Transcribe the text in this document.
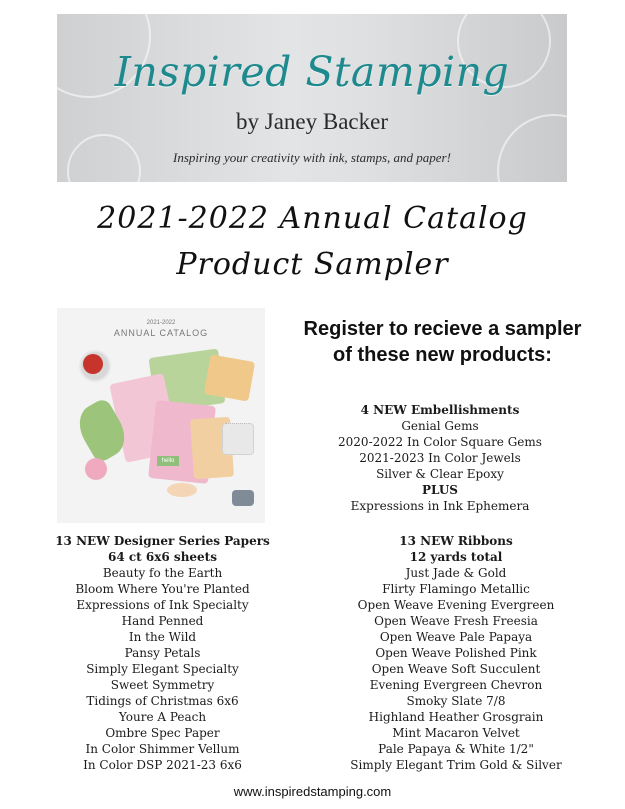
Inspired Stamping
by Janey Backer
Inspiring your creativity with ink, stamps, and paper!
2021-2022 Annual Catalog
Product Sampler
2021-2022
ANNUAL CATALOG
hello
Register to recieve a sampler
of these new products:
4 NEW Embellishments
Genial Gems
2020-2022 In Color Square Gems
2021-2023 In Color Jewels
Silver & Clear Epoxy
PLUS
Expressions in Ink Ephemera
13 NEW Designer Series Papers
64 ct 6x6 sheets
Beauty fo the Earth
Bloom Where You're Planted
Expressions of Ink Specialty
Hand Penned
In the Wild
Pansy Petals
Simply Elegant Specialty
Sweet Symmetry
Tidings of Christmas 6x6
Youre A Peach
Ombre Spec Paper
In Color Shimmer Vellum
In Color DSP 2021-23 6x6
13 NEW Ribbons
12 yards total
Just Jade & Gold
Flirty Flamingo Metallic
Open Weave Evening Evergreen
Open Weave Fresh Freesia
Open Weave Pale Papaya
Open Weave Polished Pink
Open Weave Soft Succulent
Evening Evergreen Chevron
Smoky Slate 7/8
Highland Heather Grosgrain
Mint Macaron Velvet
Pale Papaya & White 1/2"
Simply Elegant Trim Gold & Silver
www.inspiredstamping.com
